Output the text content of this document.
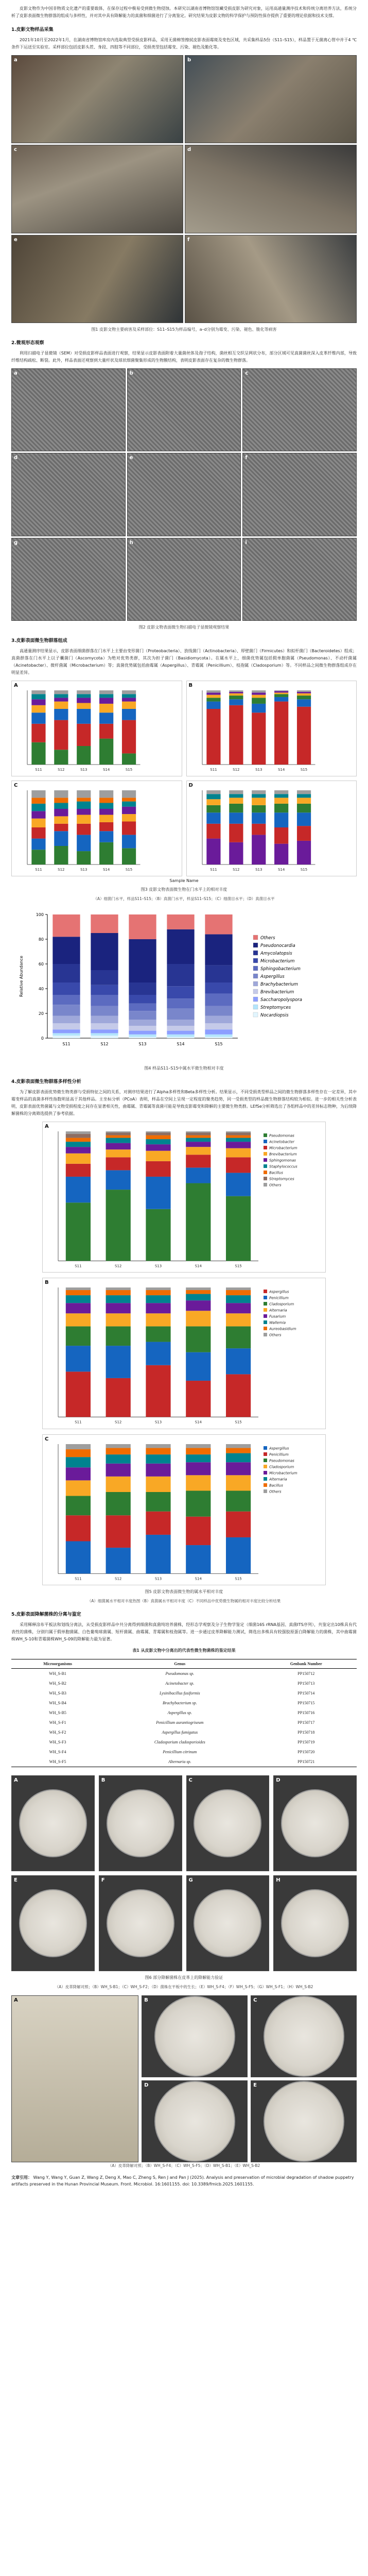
皮影文物作为中国非物质文化遗产的重要载体，在保存过程中极易受到微生物侵蚀。本研究以湖南省博物馆馆藏受损皮影为研究对象，运用高通量测序技术和传统分离培养方法，系统分析了皮影表面微生物群落的组成与多样性，并对其中具有降解能力的真菌和细菌进行了分离鉴定。研究结果为皮影文物的科学保护与预防性保存提供了重要的理论依据和技术支撑。

1.皮影文物样品采集

2021年10月至2022年1月，在湖南省博物馆库房内选取典型受损皮影样品，采用无菌棉签擦拭皮影表面霉斑及变色区域，共采集样品5份（S11–S15），样品置于无菌离心管中并于4 ℃条件下运送至实验室。采样部位包括皮影头茬、身段、四肢等不同部位，受损类型包括霉变、污染、褪色及脆化等。

a	b
c	d
e	f
图1 皮影文物主要病害及采样部位：S11–S15为样品编号，a–d分别为霉变、污染、褪色、脆化等病害
2.微观形态观察

利用扫描电子显微镜（SEM）对受损皮影样品表面进行观察，结果显示皮影表面附着大量菌丝体及孢子结构，菌丝相互交织呈网状分布，部分区域可见真菌菌丝深入皮革纤维内部，导致纤维结构疏松、断裂。此外，样品表面还观察到大量杆状及球状细菌聚集形成的生物膜结构，表明皮影表面存在复杂的微生物群落。

a	b	c
d	e	f
g	h	i
图2 皮影文物表面微生物扫描电子显微镜观察结果
3.皮影表面微生物群落组成

高通量测序结果显示，皮影表面细菌群落在门水平上主要由变形菌门（Proteobacteria）、放线菌门（Actinobacteria）、厚壁菌门（Firmicutes）和拟杆菌门（Bacteroidetes）组成；真菌群落在门水平上以子囊菌门（Ascomycota）为绝对优势类群，其次为担子菌门（Basidiomycota）。在属水平上，细菌优势属包括假单胞菌属（Pseudomonas）、不动杆菌属（Acinetobacter）、微杆菌属（Microbacterium）等；真菌优势属包括曲霉属（Aspergillus）、青霉属（Penicillium）、枝孢属（Cladosporium）等。不同样品之间微生物群落组成存在明显差异。

A
S11	S12	S13	S14	S15
B
S11	S12	S13	S14	S15
C
S11	S12	S13	S14	S15
D
S11	S12	S13	S14	S15
Sample Name
图3 皮影文物表面微生物在门水平上的相对丰度
（A）细菌门水平，样品S11–S15；（B）真菌门水平，样品S11–S15；（C）细菌目水平；（D）真菌目水平
Relative Abundance
0
20
40
60
80
100
S11	S12	S13	S14	S15
Others
Pseudonocardia
Amycolatopsis
Microbacterium
Sphingobacterium
Aspergillus
Brachybacterium
Brevibacterium
Saccharopolyspora
Streptomyces
Nocardiopsis
图4 样品S11–S15中属水平微生物相对丰度
4.皮影表面微生物群落多样性分析

为了解皮影表面优势微生物类群与受损特征之间的关系，对测序结果进行了Alpha多样性和Beta多样性分析。结果显示，不同受损类型样品之间的微生物群落多样性存在一定差异，其中霉变样品的真菌多样性指数明显高于其他样品。主坐标分析（PCoA）表明，样品在空间上呈现一定程度的聚类趋势，同一受损类型的样品微生物群落结构较为相似。进一步的相关性分析表明，皮影表面优势菌属与文物受损程度之间存在显著相关性，曲霉属、青霉属等真菌可能是导致皮影霉变和降解的主要微生物类群。LEfSe分析筛选出了各组样品中的差异标志物种，为后续降解菌株的分离筛选提供了参考依据。

A
S11	S12	S13	S14	S15
Pseudomonas
Acinetobacter
Microbacterium
Brevibacterium
Sphingomonas
Staphylococcus
Bacillus
Streptomyces
Others
B
S11	S12	S13	S14	S15
Aspergillus
Penicillium
Cladosporium
Alternaria
Fusarium
Wallemia
Aureobasidium
Others
C
S11	S12	S13	S14	S15
Aspergillus
Penicillium
Pseudomonas
Cladosporium
Microbacterium
Alternaria
Bacillus
Others
图5 皮影文物表面微生物的属水平相对丰度
（A）细菌属水平相对丰度热图（B）真菌属水平相对丰度（C）不同样品中优势微生物属的相对丰度比较分析结果
5.皮影表面降解菌株的分离与鉴定

采用稀释涂布平板法和划线分离法，从受损皮影样品中共分离得到细菌和真菌纯培养菌株，经形态学观察及分子生物学鉴定（细菌16S rRNA基因、真菌ITS序列），共鉴定出10株具有代表性的菌株，分别归属于假单胞菌属、白色葡萄球菌属、短杆菌属、曲霉属、青霉属和枝孢属等。进一步通过皮革降解能力测试，筛选出多株具有较强胶原蛋白降解能力的菌株，其中曲霉菌株WH_S-10和青霉菌株WH_S-09的降解能力最为显著。

表1 从皮影文物中分离出的代表性微生物菌株的鉴定结果
Microorganisms	Genus	Genbank Number
WH_S-B1	Pseudomonas sp.	PP150712
WH_S-B2	Acinetobacter sp.	PP150713
WH_S-B3	Lysinibacillus fusiformis	PP150714
WH_S-B4	Brachybacterium sp.	PP150715
WH_S-B5	Aspergillus sp.	PP150716
WH_S-F1	Penicillium aurantiogriseum	PP150717
WH_S-F2	Aspergillus fumigatus	PP150718
WH_S-F3	Cladosporium cladosporioides	PP150719
WH_S-F4	Penicillium citrinum	PP150720
WH_S-F5	Alternaria sp.	PP150721
A	B	C	D
E	F	G	H
图6 部分降解菌株在皮革上的降解能力验证
（A）皮革降解对照；（B）WH_S-B1；（C）WH_S-F2；（D）菌株在平板中的生长；（E）WH_S-F4；（F）WH_S-F5；（G）WH_S-F1；（H）WH_S-B2
A	B	C
D	E
（A）皮革降解对照；（B）WH_S-F4；（C）WH_S-F5；（D）WH_S-B1；（E）WH_S-B2

文章引用： Wang Y, Wang Y, Guan Z, Wang Z, Deng X, Mao C, Zheng S, Ren J and Pan J (2025). Analysis and preservation of microbial degradation of shadow puppetry artifacts preserved in the Hunan Provincial Museum. Front. Microbiol. 16:1601155. doi: 10.3389/fmicb.2025.1601155.
